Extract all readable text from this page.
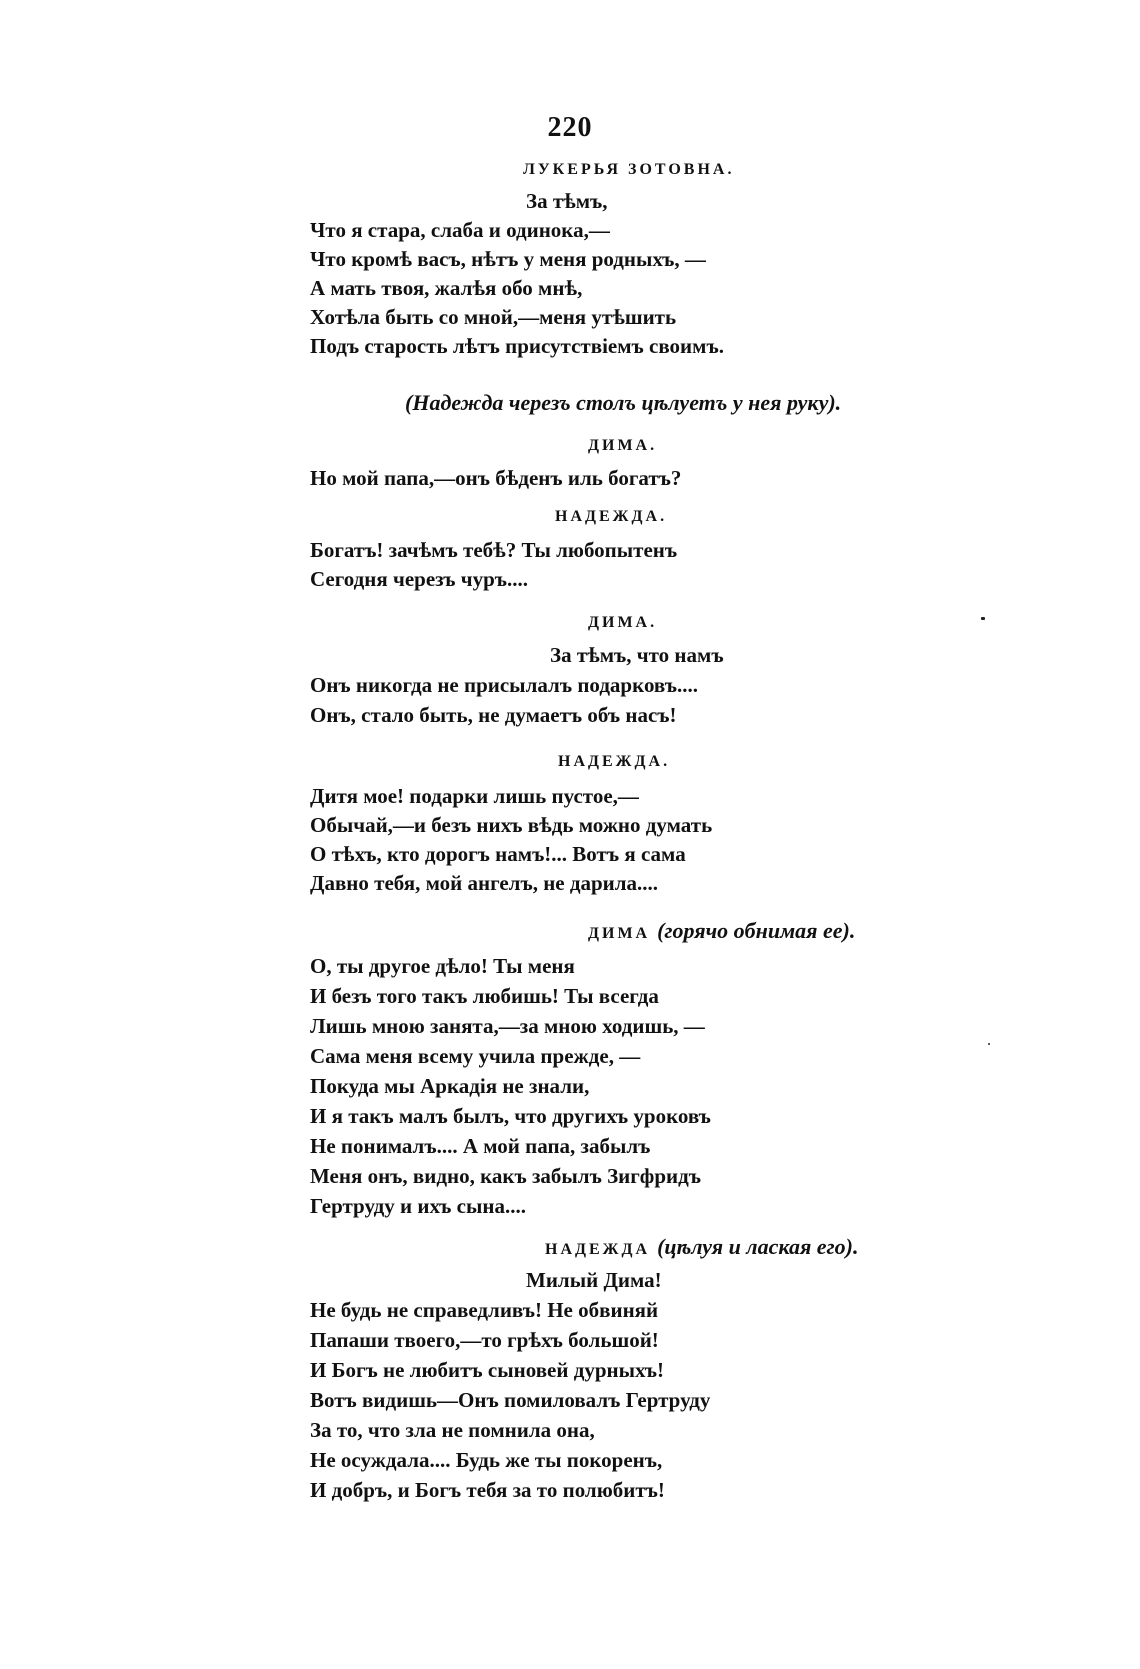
220
ЛУКЕРЬЯ ЗОТОВНА.
За тѣмъ,
Что я стара, слаба и одинока,—
Что кромѣ васъ, нѣтъ у меня родныхъ, —
А мать твоя, жалѣя обо мнѣ,
Хотѣла быть со мной,—меня утѣшить
Подъ старость лѣтъ присутствіемъ своимъ.
(Надежда черезъ столъ цѣлуетъ у нея руку).
ДИМА.
Но мой папа,—онъ бѣденъ иль богатъ?
НАДЕЖДА.
Богатъ! зачѣмъ тебѣ? Ты любопытенъ
Сегодня черезъ чуръ....
ДИМА.
За тѣмъ, что намъ
Онъ никогда не присылалъ подарковъ....
Онъ, стало быть, не думаетъ объ насъ!
НАДЕЖДА.
Дитя мое! подарки лишь пустое,—
Обычай,—и безъ нихъ вѣдь можно думать
О тѣхъ, кто дорогъ намъ!... Вотъ я сама
Давно тебя, мой ангелъ, не дарила....
ДИМА (горячо обнимая ее).
О, ты другое дѣло! Ты меня
И безъ того такъ любишь! Ты всегда
Лишь мною занята,—за мною ходишь, —
Сама меня всему учила прежде, —
Покуда мы Аркадія не знали,
И я такъ малъ былъ, что другихъ уроковъ
Не понималъ.... А мой папа, забылъ
Меня онъ, видно, какъ забылъ Зигфридъ
Гертруду и ихъ сына....
НАДЕЖДА (цѣлуя и лаская его).
Милый Дима!
Не будь не справедливъ! Не обвиняй
Папаши твоего,—то грѣхъ большой!
И Богъ не любитъ сыновей дурныхъ!
Вотъ видишь—Онъ помиловалъ Гертруду
За то, что зла не помнила она,
Не осуждала.... Будь же ты покоренъ,
И добръ, и Богъ тебя за то полюбитъ!
